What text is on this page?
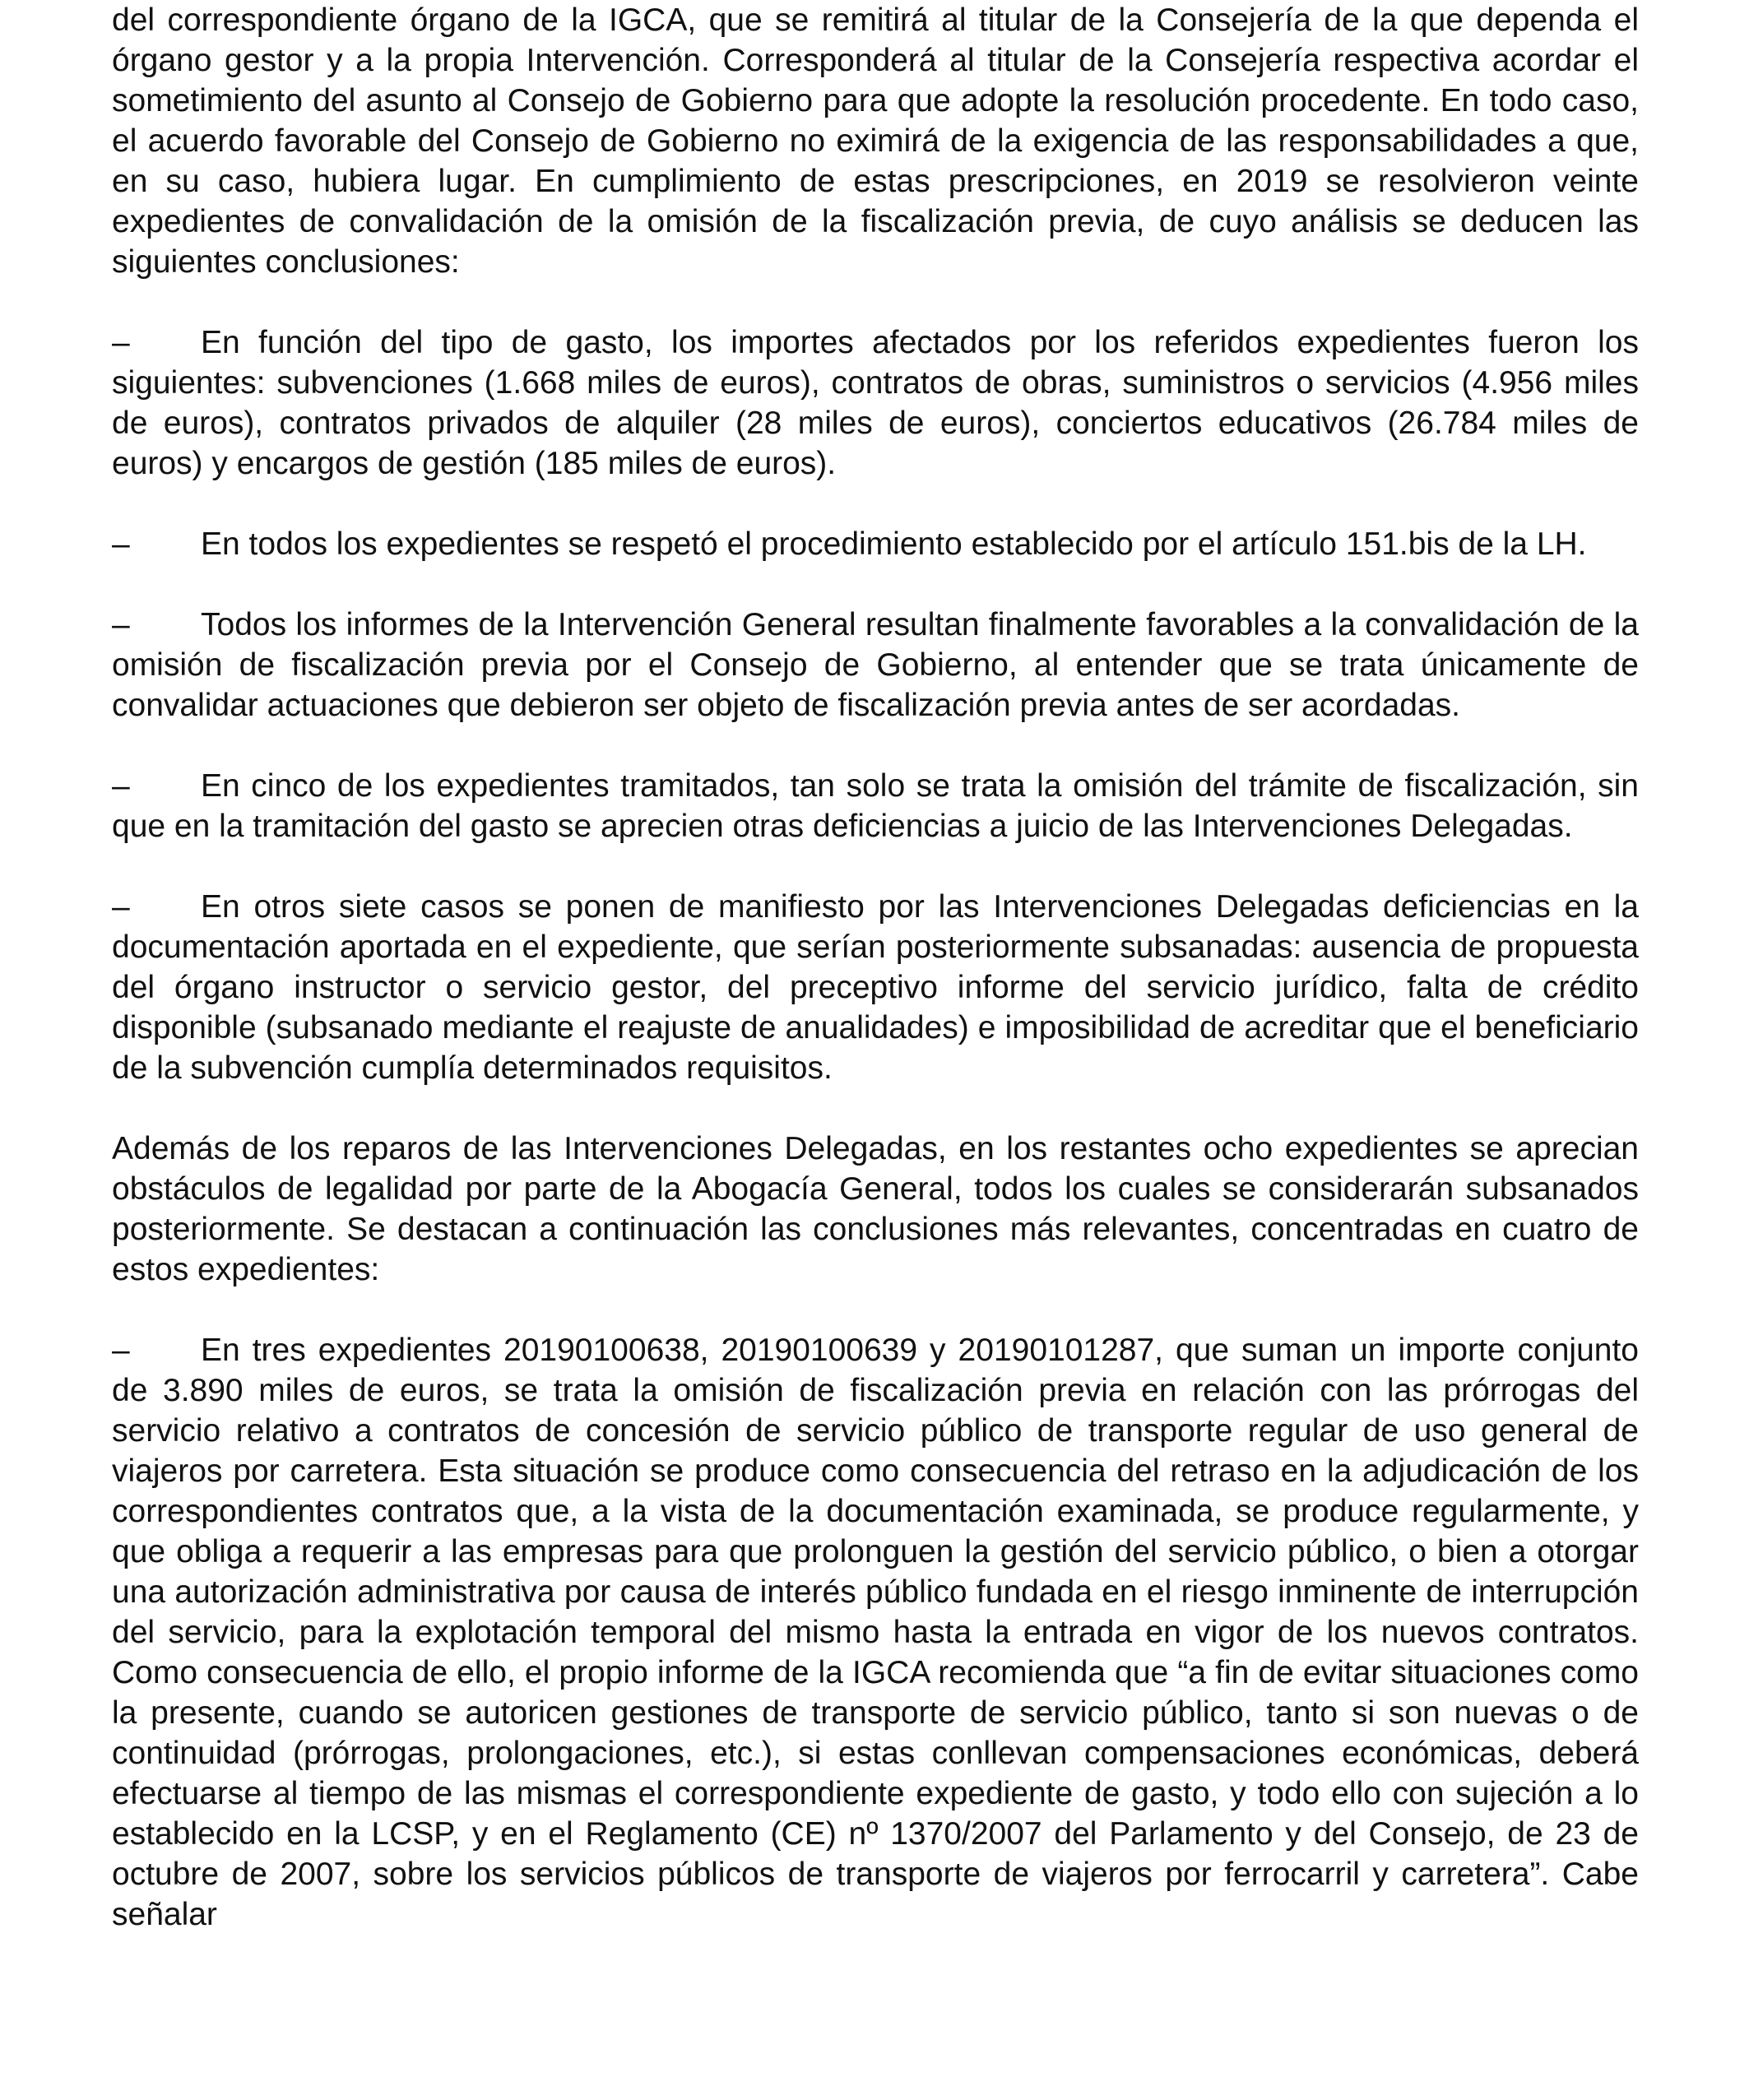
del correspondiente órgano de la IGCA, que se remitirá al titular de la Consejería de la que dependa el órgano gestor y a la propia Intervención. Corresponderá al titular de la Consejería respectiva acordar el sometimiento del asunto al Consejo de Gobierno para que adopte la resolución procedente. En todo caso, el acuerdo favorable del Consejo de Gobierno no eximirá de la exigencia de las responsabilidades a que, en su caso, hubiera lugar. En cumplimiento de estas prescripciones, en 2019 se resolvieron veinte expedientes de convalidación de la omisión de la fiscalización previa, de cuyo análisis se deducen las siguientes conclusiones:

– En función del tipo de gasto, los importes afectados por los referidos expedientes fueron los siguientes: subvenciones (1.668 miles de euros), contratos de obras, suministros o servicios (4.956 miles de euros), contratos privados de alquiler (28 miles de euros), conciertos educativos (26.784 miles de euros) y encargos de gestión (185 miles de euros).

– En todos los expedientes se respetó el procedimiento establecido por el artículo 151.bis de la LH.

– Todos los informes de la Intervención General resultan finalmente favorables a la convalidación de la omisión de fiscalización previa por el Consejo de Gobierno, al entender que se trata únicamente de convalidar actuaciones que debieron ser objeto de fiscalización previa antes de ser acordadas.

– En cinco de los expedientes tramitados, tan solo se trata la omisión del trámite de fiscalización, sin que en la tramitación del gasto se aprecien otras deficiencias a juicio de las Intervenciones Delegadas.

– En otros siete casos se ponen de manifiesto por las Intervenciones Delegadas deficiencias en la documentación aportada en el expediente, que serían posteriormente subsanadas: ausencia de propuesta del órgano instructor o servicio gestor, del preceptivo informe del servicio jurídico, falta de crédito disponible (subsanado mediante el reajuste de anualidades) e imposibilidad de acreditar que el beneficiario de la subvención cumplía determinados requisitos.

Además de los reparos de las Intervenciones Delegadas, en los restantes ocho expedientes se aprecian obstáculos de legalidad por parte de la Abogacía General, todos los cuales se considerarán subsanados posteriormente. Se destacan a continuación las conclusiones más relevantes, concentradas en cuatro de estos expedientes:

– En tres expedientes 20190100638, 20190100639 y 20190101287, que suman un importe conjunto de 3.890 miles de euros, se trata la omisión de fiscalización previa en relación con las prórrogas del servicio relativo a contratos de concesión de servicio público de transporte regular de uso general de viajeros por carretera. Esta situación se produce como consecuencia del retraso en la adjudicación de los correspondientes contratos que, a la vista de la documentación examinada, se produce regularmente, y que obliga a requerir a las empresas para que prolonguen la gestión del servicio público, o bien a otorgar una autorización administrativa por causa de interés público fundada en el riesgo inminente de interrupción del servicio, para la explotación temporal del mismo hasta la entrada en vigor de los nuevos contratos. Como consecuencia de ello, el propio informe de la IGCA recomienda que “a fin de evitar situaciones como la presente, cuando se autoricen gestiones de transporte de servicio público, tanto si son nuevas o de continuidad (prórrogas, prolongaciones, etc.), si estas conllevan compensaciones económicas, deberá efectuarse al tiempo de las mismas el correspondiente expediente de gasto, y todo ello con sujeción a lo establecido en la LCSP, y en el Reglamento (CE) nº 1370/2007 del Parlamento y del Consejo, de 23 de octubre de 2007, sobre los servicios públicos de transporte de viajeros por ferrocarril y carretera”. Cabe señalar
